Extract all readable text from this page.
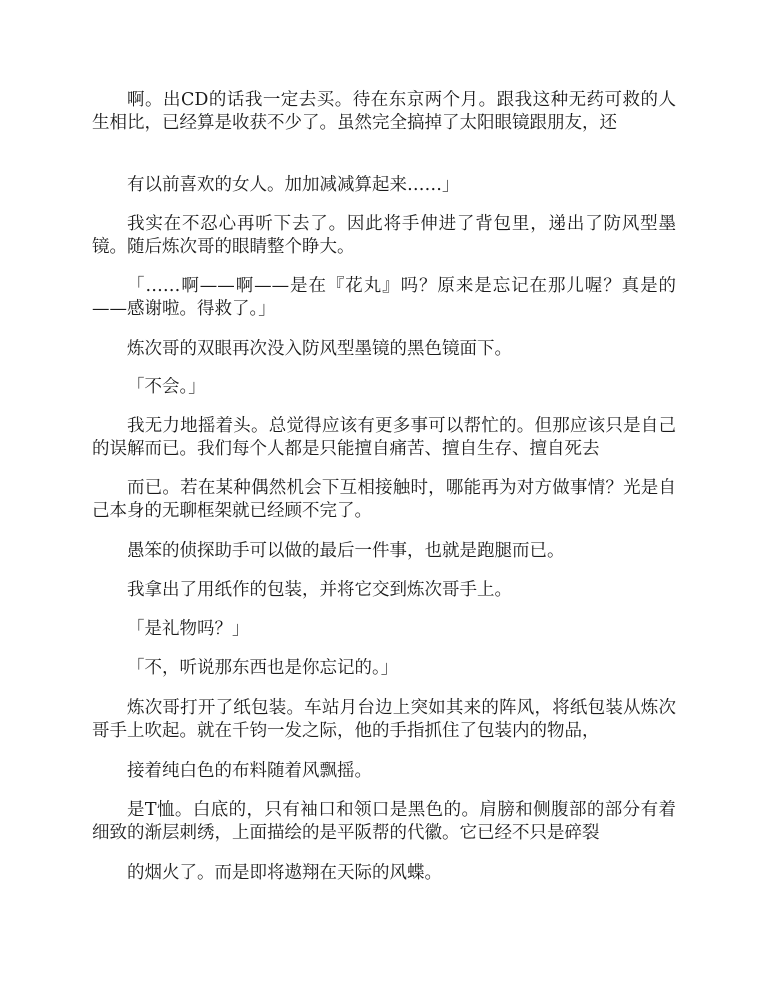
啊。出CD的话我一定去买。待在东京两个月。跟我这种无药可救的人生相比，已经算是收获不少了。虽然完全搞掉了太阳眼镜跟朋友，还

有以前喜欢的女人。加加减减算起来……」

我实在不忍心再听下去了。因此将手伸进了背包里，递出了防风型墨镜。随后炼次哥的眼睛整个睁大。

「……啊——啊——是在『花丸』吗？原来是忘记在那儿喔？真是的——感谢啦。得救了。」

炼次哥的双眼再次没入防风型墨镜的黑色镜面下。

「不会。」

我无力地摇着头。总觉得应该有更多事可以帮忙的。但那应该只是自己的误解而已。我们每个人都是只能擅自痛苦、擅自生存、擅自死去

而已。若在某种偶然机会下互相接触时，哪能再为对方做事情？光是自己本身的无聊框架就已经顾不完了。

愚笨的侦探助手可以做的最后一件事，也就是跑腿而已。

我拿出了用纸作的包装，并将它交到炼次哥手上。

「是礼物吗？」

「不，听说那东西也是你忘记的。」

炼次哥打开了纸包装。车站月台边上突如其来的阵风，将纸包装从炼次哥手上吹起。就在千钧一发之际，他的手指抓住了包装内的物品，

接着纯白色的布料随着风飘摇。

是T恤。白底的，只有袖口和领口是黑色的。肩膀和侧腹部的部分有着细致的渐层刺绣，上面描绘的是平阪帮的代徽。它已经不只是碎裂

的烟火了。而是即将遨翔在天际的风蝶。
